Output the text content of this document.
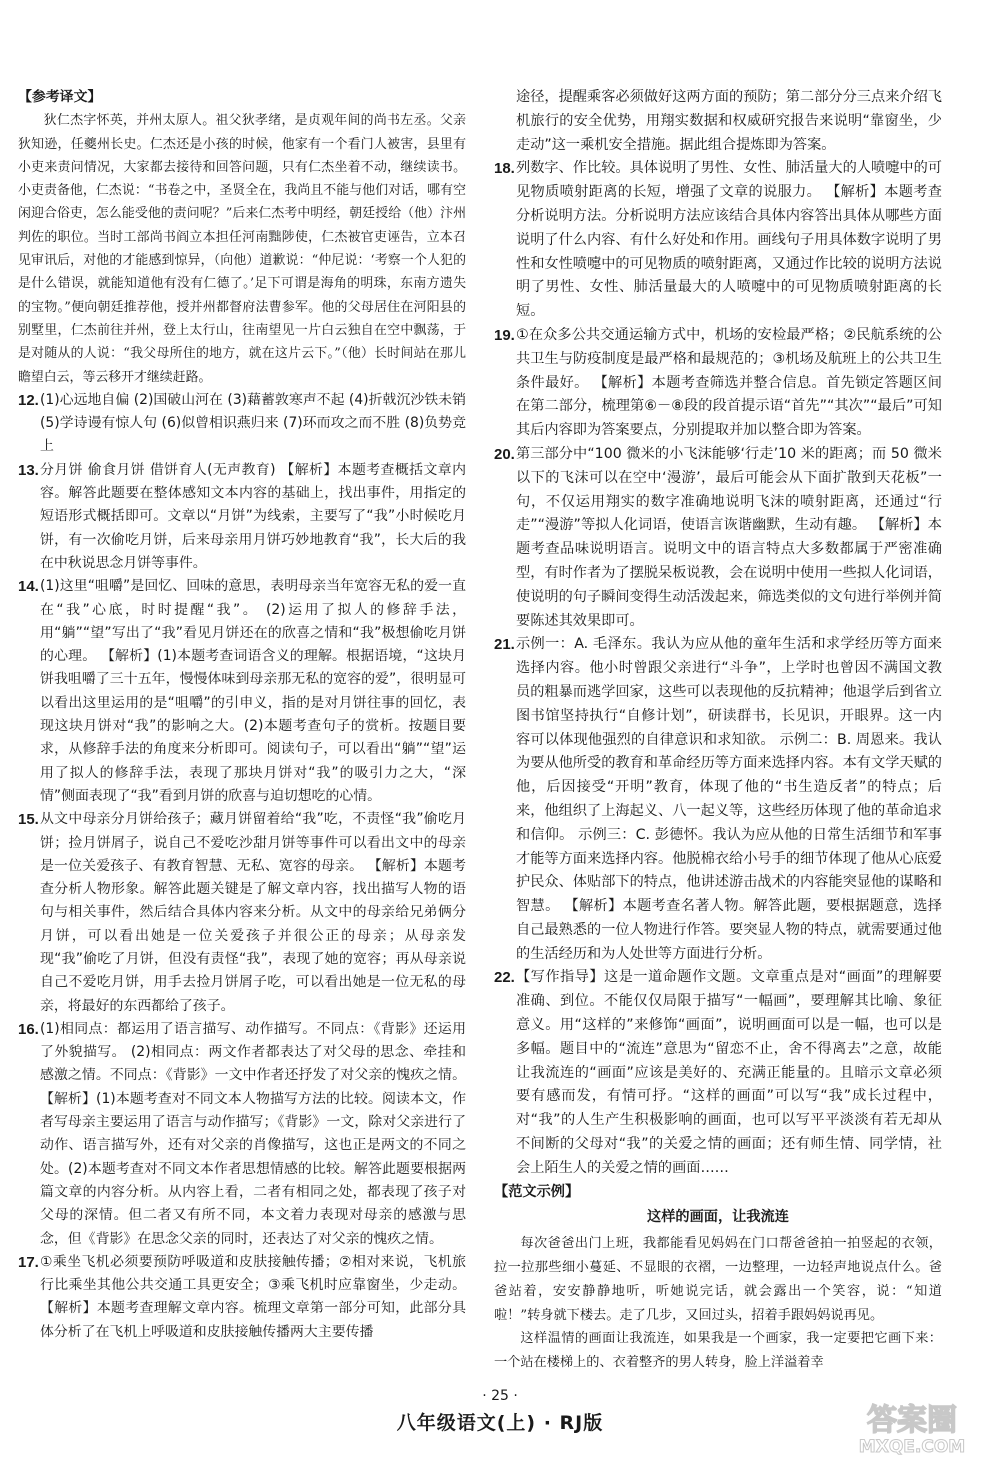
【参考译文】

狄仁杰字怀英，并州太原人。祖父狄孝绪，是贞观年间的尚书左丞。父亲狄知逊，任夔州长史。仁杰还是小孩的时候，他家有一个看门人被害，县里有小吏来责问情况，大家都去接待和回答问题，只有仁杰坐着不动，继续读书。小吏责备他，仁杰说：“书卷之中，圣贤全在，我尚且不能与他们对话，哪有空闲迎合俗吏，怎么能受他的责问呢？”后来仁杰考中明经，朝廷授给（他）汴州判佐的职位。当时工部尚书阎立本担任河南黜陟使，仁杰被官吏诬告，立本召见审讯后，对他的才能感到惊异，（向他）道歉说：“仲尼说：‘考察一个人犯的是什么错误，就能知道他有没有仁德了。’足下可谓是海角的明珠，东南方遗失的宝物。”便向朝廷推荐他，授并州都督府法曹参军。他的父母居住在河阳县的别墅里，仁杰前往并州，登上太行山，往南望见一片白云独自在空中飘荡，于是对随从的人说：“我父母所住的地方，就在这片云下。”（他）长时间站在那儿瞻望白云，等云移开才继续赶路。

12. (1)心远地自偏 (2)国破山河在 (3)藉蓄敦寒声不起 (4)折戟沉沙铁未销 (5)学诗谩有惊人句 (6)似曾相识燕归来 (7)环而攻之而不胜 (8)负势竞上
13. 分月饼 偷食月饼 借饼育人(无声教育) 【解析】本题考查概括文章内容。解答此题要在整体感知文本内容的基础上，找出事件，用指定的短语形式概括即可。文章以“月饼”为线索，主要写了“我”小时候吃月饼，有一次偷吃月饼，后来母亲用月饼巧妙地教育“我”，长大后的我在中秋说思念月饼等事件。
14. (1)这里“咀嚼”是回忆、回味的意思，表明母亲当年宽容无私的爱一直在“我”心底，时时提醒“我”。 (2)运用了拟人的修辞手法，用“躺”“望”写出了“我”看见月饼还在的欣喜之情和“我”极想偷吃月饼的心理。 【解析】(1)本题考查词语含义的理解。根据语境，“这块月饼我咀嚼了三十五年，慢慢体味到母亲那无私的宽容的爱”，很明显可以看出这里运用的是“咀嚼”的引申义，指的是对月饼往事的回忆，表现这块月饼对“我”的影响之大。(2)本题考查句子的赏析。按题目要求，从修辞手法的角度来分析即可。阅读句子，可以看出“躺”“望”运用了拟人的修辞手法，表现了那块月饼对“我”的吸引力之大，“深情”侧面表现了“我”看到月饼的欣喜与迫切想吃的心情。
15. 从文中母亲分月饼给孩子；藏月饼留着给“我”吃，不责怪“我”偷吃月饼；捡月饼屑子，说自己不爱吃沙甜月饼等事件可以看出文中的母亲是一位关爱孩子、有教育智慧、无私、宽容的母亲。 【解析】本题考查分析人物形象。解答此题关键是了解文章内容，找出描写人物的语句与相关事件，然后结合具体内容来分析。从文中的母亲给兄弟俩分月饼，可以看出她是一位关爱孩子并很公正的母亲；从母亲发现“我”偷吃了月饼，但没有责怪“我”，表现了她的宽容；再从母亲说自己不爱吃月饼，用手去捡月饼屑子吃，可以看出她是一位无私的母亲，将最好的东西都给了孩子。
16. (1)相同点：都运用了语言描写、动作描写。不同点：《背影》还运用了外貌描写。 (2)相同点：两文作者都表达了对父母的思念、牵挂和感激之情。不同点：《背影》一文中作者还抒发了对父亲的愧疚之情。 【解析】(1)本题考查对不同文本人物描写方法的比较。阅读本文，作者写母亲主要运用了语言与动作描写；《背影》一文，除对父亲进行了动作、语言描写外，还有对父亲的肖像描写，这也正是两文的不同之处。(2)本题考查对不同文本作者思想情感的比较。解答此题要根据两篇文章的内容分析。从内容上看，二者有相同之处，都表现了孩子对父母的深情。但二者又有所不同，本文着力表现对母亲的感激与思念，但《背影》在思念父亲的同时，还表达了对父亲的愧疚之情。
17. ①乘坐飞机必须要预防呼吸道和皮肤接触传播；②相对来说，飞机旅行比乘坐其他公共交通工具更安全；③乘飞机时应靠窗坐，少走动。 【解析】本题考查理解文章内容。梳理文章第一部分可知，此部分具体分析了在飞机上呼吸道和皮肤接触传播两大主要传播
途径，提醒乘客必须做好这两方面的预防；第二部分分三点来介绍飞机旅行的安全优势，用翔实数据和权威研究报告来说明“靠窗坐，少走动”这一乘机安全措施。据此组合提炼即为答案。
18. 列数字、作比较。具体说明了男性、女性、肺活量大的人喷嚏中的可见物质喷射距离的长短，增强了文章的说服力。 【解析】本题考查分析说明方法。分析说明方法应该结合具体内容答出具体从哪些方面说明了什么内容、有什么好处和作用。画线句子用具体数字说明了男性和女性喷嚏中的可见物质的喷射距离，又通过作比较的说明方法说明了男性、女性、肺活量最大的人喷嚏中的可见物质喷射距离的长短。
19. ①在众多公共交通运输方式中，机场的安检最严格；②民航系统的公共卫生与防疫制度是最严格和最规范的；③机场及航班上的公共卫生条件最好。 【解析】本题考查筛选并整合信息。首先锁定答题区间在第二部分，梳理第⑥－⑧段的段首提示语“首先”“其次”“最后”可知其后内容即为答案要点，分别提取并加以整合即为答案。
20. 第三部分中“100 微米的小飞沫能够‘行走’10 米的距离；而 50 微米以下的飞沫可以在空中‘漫游’，最后可能会从下面扩散到天花板”一句，不仅运用翔实的数字准确地说明飞沫的喷射距离，还通过“行走”“漫游”等拟人化词语，使语言诙谐幽默，生动有趣。 【解析】本题考查品味说明语言。说明文中的语言特点大多数都属于严密准确型，有时作者为了摆脱呆板说教，会在说明中使用一些拟人化词语，使说明的句子瞬间变得生动活泼起来，筛选类似的文句进行举例并简要陈述其效果即可。
21. 示例一：A. 毛泽东。我认为应从他的童年生活和求学经历等方面来选择内容。他小时曾跟父亲进行“斗争”，上学时也曾因不满国文教员的粗暴而逃学回家，这些可以表现他的反抗精神；他退学后到省立图书馆坚持执行“自修计划”，研读群书，长见识，开眼界。这一内容可以体现他强烈的自律意识和求知欲。 示例二：B. 周恩来。我认为要从他所受的教育和革命经历等方面来选择内容。本有文学天赋的他，后因接受“开明”教育，体现了他的“书生造反者”的特点；后来，他组织了上海起义、八一起义等，这些经历体现了他的革命追求和信仰。 示例三：C. 彭德怀。我认为应从他的日常生活细节和军事才能等方面来选择内容。他脱棉衣给小号手的细节体现了他从心底爱护民众、体贴部下的特点，他讲述游击战术的内容能突显他的谋略和智慧。 【解析】本题考查名著人物。解答此题，要根据题意，选择自己最熟悉的一位人物进行作答。要突显人物的特点，就需要通过他的生活经历和为人处世等方面进行分析。
22. 【写作指导】这是一道命题作文题。文章重点是对“画面”的理解要准确、到位。不能仅仅局限于描写“一幅画”，要理解其比喻、象征意义。用“这样的”来修饰“画面”，说明画面可以是一幅，也可以是多幅。题目中的“流连”意思为“留恋不止，舍不得离去”之意，故能让我流连的“画面”应该是美好的、充满正能量的。且暗示文章必须要有感而发，有情可抒。“这样的画面”可以写“我”成长过程中，对“我”的人生产生积极影响的画面，也可以写平平淡淡有若无却从不间断的父母对“我”的关爱之情的画面；还有师生情、同学情，社会上陌生人的关爱之情的画面……
【范文示例】
这样的画面，让我流连

每次爸爸出门上班，我都能看见妈妈在门口帮爸爸拍一拍竖起的衣领，拉一拉那些细小蔓延、不显眼的衣褶，一边整理，一边轻声地说点什么。爸爸站着，安安静静地听，听她说完话，就会露出一个笑容，说：“知道啦！”转身就下楼去。走了几步，又回过头，招着手跟妈妈说再见。

这样温情的画面让我流连，如果我是一个画家，我一定要把它画下来：一个站在楼梯上的、衣着整齐的男人转身，脸上洋溢着幸

· 25 ·
八年级语文(上) · RJ版	答案圈
MXQE.COM
